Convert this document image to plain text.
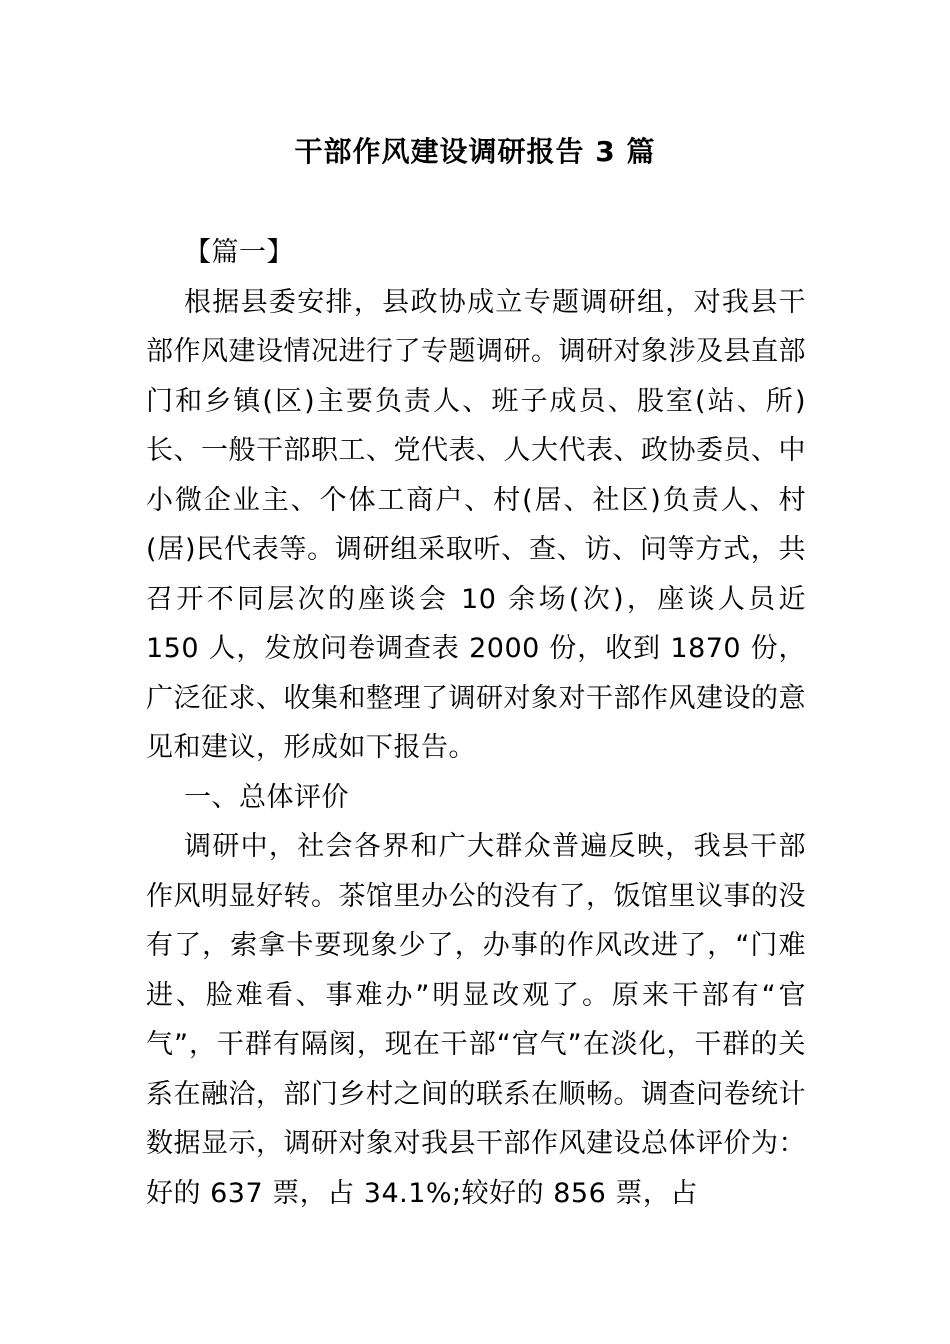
干部作风建设调研报告 3 篇

【篇一】

根据县委安排，县政协成立专题调研组，对我县干部作风建设情况进行了专题调研。调研对象涉及县直部门和乡镇(区)主要负责人、班子成员、股室(站、所)长、一般干部职工、党代表、人大代表、政协委员、中小微企业主、个体工商户、村(居、社区)负责人、村(居)民代表等。调研组采取听、查、访、问等方式，共召开不同层次的座谈会 10 余场(次)，座谈人员近 150 人，发放问卷调查表 2000 份，收到 1870 份，广泛征求、收集和整理了调研对象对干部作风建设的意见和建议，形成如下报告。

一、总体评价

调研中，社会各界和广大群众普遍反映，我县干部作风明显好转。茶馆里办公的没有了，饭馆里议事的没有了，索拿卡要现象少了，办事的作风改进了，“门难进、脸难看、事难办”明显改观了。原来干部有“官气”，干群有隔阂，现在干部“官气”在淡化，干群的关系在融洽，部门乡村之间的联系在顺畅。调查问卷统计数据显示，调研对象对我县干部作风建设总体评价为：好的 637 票，占 34.1%;较好的 856 票，占
